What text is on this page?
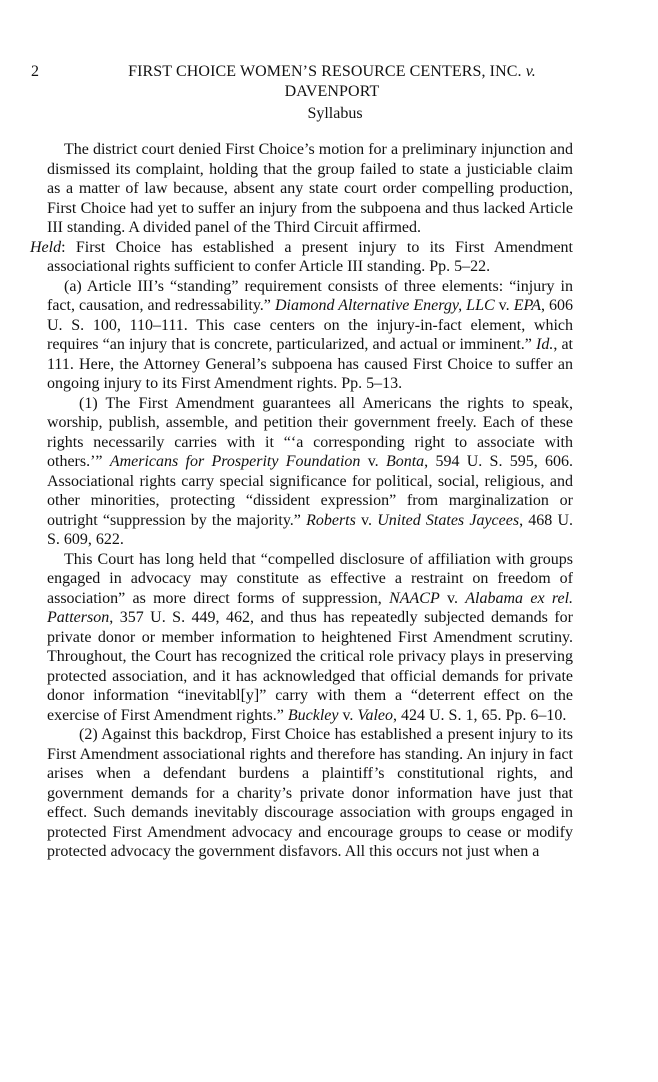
2	FIRST CHOICE WOMEN’S RESOURCE CENTERS, INC. v.
DAVENPORT
Syllabus

The district court denied First Choice’s motion for a preliminary injunction and dismissed its complaint, holding that the group failed to state a justiciable claim as a matter of law because, absent any state court order compelling production, First Choice had yet to suffer an injury from the subpoena and thus lacked Article III standing. A divided panel of the Third Circuit affirmed.

Held: First Choice has established a present injury to its First Amendment associational rights sufficient to confer Article III standing. Pp. 5–22.

(a) Article III’s “standing” requirement consists of three elements: “injury in fact, causation, and redressability.” Diamond Alternative Energy, LLC v. EPA, 606 U. S. 100, 110–111. This case centers on the injury-in-fact element, which requires “an injury that is concrete, particularized, and actual or imminent.” Id., at 111. Here, the Attorney General’s subpoena has caused First Choice to suffer an ongoing injury to its First Amendment rights. Pp. 5–13.

(1) The First Amendment guarantees all Americans the rights to speak, worship, publish, assemble, and petition their government freely. Each of these rights necessarily carries with it “‘a corresponding right to associate with others.’” Americans for Prosperity Foundation v. Bonta, 594 U. S. 595, 606. Associational rights carry special significance for political, social, religious, and other minorities, protecting “dissident expression” from marginalization or outright “suppression by the majority.” Roberts v. United States Jaycees, 468 U. S. 609, 622.

This Court has long held that “compelled disclosure of affiliation with groups engaged in advocacy may constitute as effective a restraint on freedom of association” as more direct forms of suppression, NAACP v. Alabama ex rel. Patterson, 357 U. S. 449, 462, and thus has repeatedly subjected demands for private donor or member information to heightened First Amendment scrutiny. Throughout, the Court has recognized the critical role privacy plays in preserving protected association, and it has acknowledged that official demands for private donor information “inevitabl[y]” carry with them a “deterrent effect on the exercise of First Amendment rights.” Buckley v. Valeo, 424 U. S. 1, 65. Pp. 6–10.

(2) Against this backdrop, First Choice has established a present injury to its First Amendment associational rights and therefore has standing. An injury in fact arises when a defendant burdens a plaintiff’s constitutional rights, and government demands for a charity’s private donor information have just that effect. Such demands inevitably discourage association with groups engaged in protected First Amendment advocacy and encourage groups to cease or modify protected advocacy the government disfavors. All this occurs not just when a
